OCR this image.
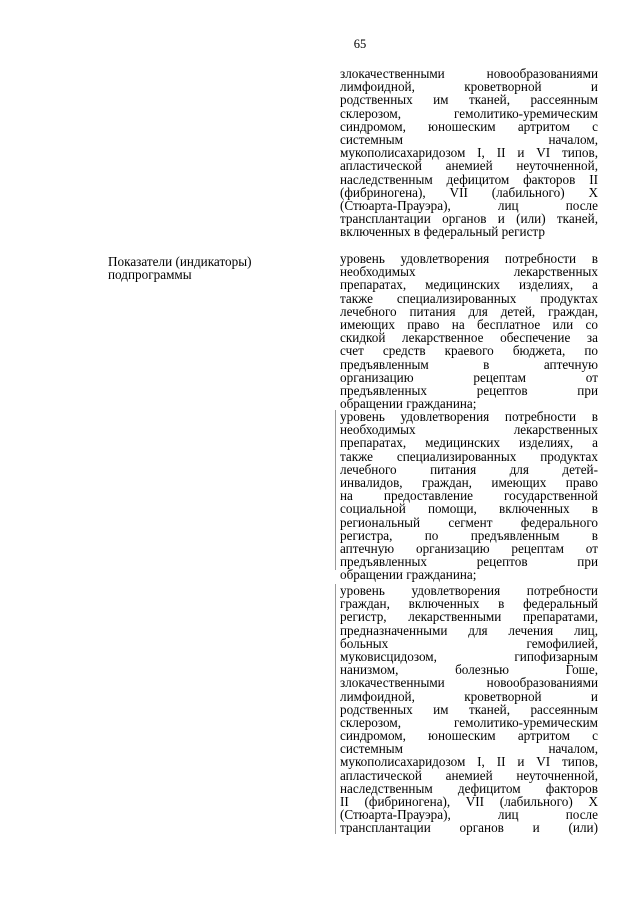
65
Показатели (индикаторы)
подпрограммы
злокачественными новообразованиями
лимфоидной, кроветворной и
родственных им тканей, рассеянным
склерозом, гемолитико-уремическим
синдромом, юношеским артритом с
системным началом,
мукополисахаридозом I, II и VI типов,
апластической анемией неуточненной,
наследственным дефицитом факторов II
(фибриногена), VII (лабильного) X
(Стюарта-Прауэра), лиц после
трансплантации органов и (или) тканей,
включенных в федеральный регистр
уровень удовлетворения потребности в
необходимых лекарственных
препаратах, медицинских изделиях, а
также специализированных продуктах
лечебного питания для детей, граждан,
имеющих право на бесплатное или со
скидкой лекарственное обеспечение за
счет средств краевого бюджета, по
предъявленным в аптечную
организацию рецептам от
предъявленных рецептов при
обращении гражданина;
уровень удовлетворения потребности в
необходимых лекарственных
препаратах, медицинских изделиях, а
также специализированных продуктах
лечебного питания для детей-
инвалидов, граждан, имеющих право
на предоставление государственной
социальной помощи, включенных в
региональный сегмент федерального
регистра, по предъявленным в
аптечную организацию рецептам от
предъявленных рецептов при
обращении гражданина;
уровень удовлетворения потребности
граждан, включенных в федеральный
регистр, лекарственными препаратами,
предназначенными для лечения лиц,
больных гемофилией,
муковисцидозом, гипофизарным
нанизмом, болезнью Гоше,
злокачественными новообразованиями
лимфоидной, кроветворной и
родственных им тканей, рассеянным
склерозом, гемолитико-уремическим
синдромом, юношеским артритом с
системным началом,
мукополисахаридозом I, II и VI типов,
апластической анемией неуточненной,
наследственным дефицитом факторов
II (фибриногена), VII (лабильного) X
(Стюарта-Прауэра), лиц после
трансплантации органов и (или)
